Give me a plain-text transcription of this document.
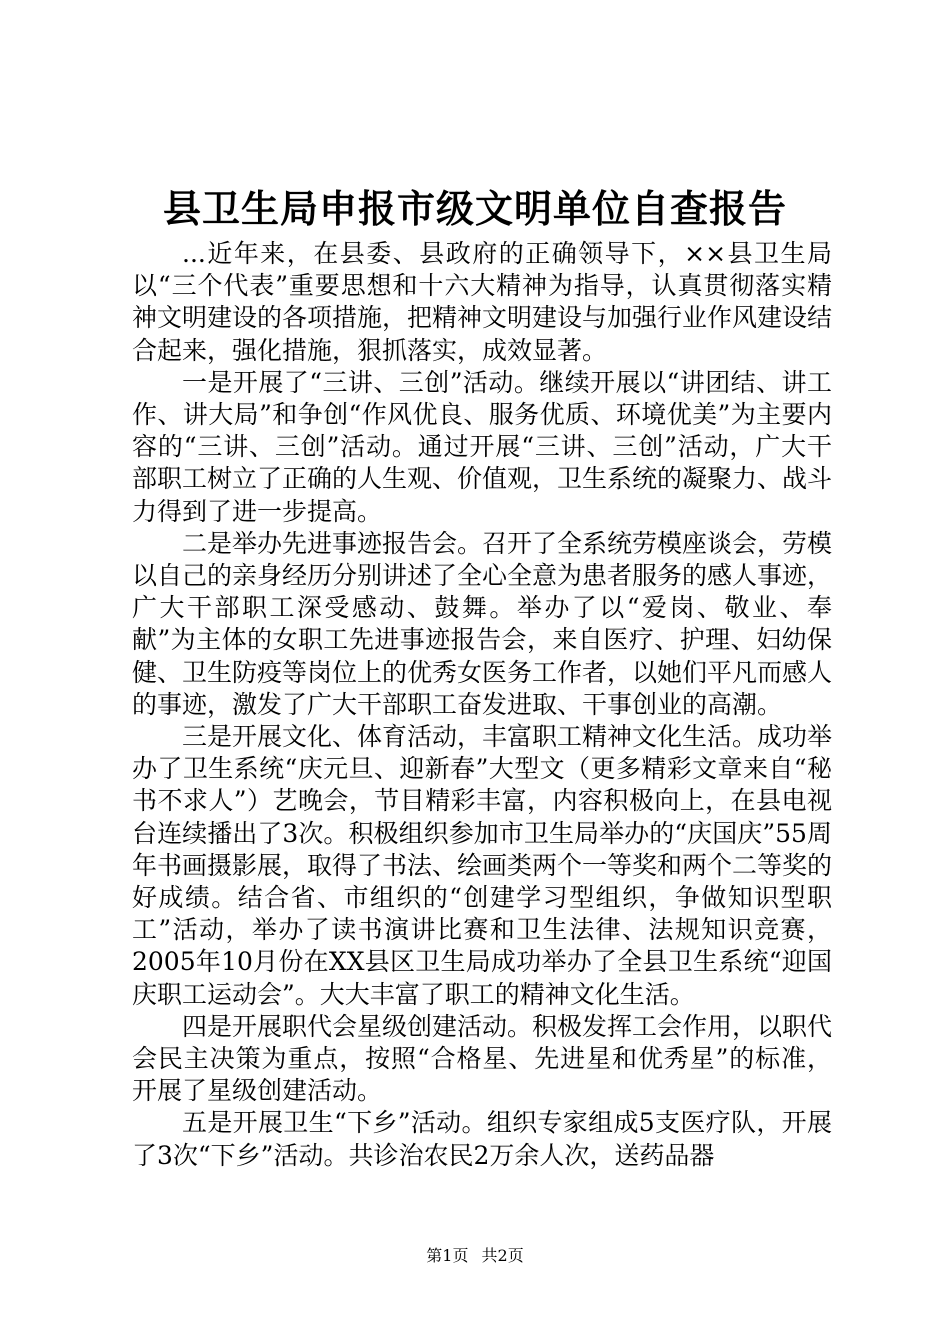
县卫生局申报市级文明单位自查报告

...近年来，在县委、县政府的正确领导下，××县卫生局以“三个代表”重要思想和十六大精神为指导，认真贯彻落实精神文明建设的各项措施，把精神文明建设与加强行业作风建设结合起来，强化措施，狠抓落实，成效显著。

一是开展了“三讲、三创”活动。继续开展以“讲团结、讲工作、讲大局”和争创“作风优良、服务优质、环境优美”为主要内容的“三讲、三创”活动。通过开展“三讲、三创”活动，广大干部职工树立了正确的人生观、价值观，卫生系统的凝聚力、战斗力得到了进一步提高。

二是举办先进事迹报告会。召开了全系统劳模座谈会，劳模以自己的亲身经历分别讲述了全心全意为患者服务的感人事迹，广大干部职工深受感动、鼓舞。举办了以“爱岗、敬业、奉献”为主体的女职工先进事迹报告会，来自医疗、护理、妇幼保健、卫生防疫等岗位上的优秀女医务工作者，以她们平凡而感人的事迹，激发了广大干部职工奋发进取、干事创业的高潮。

三是开展文化、体育活动，丰富职工精神文化生活。成功举办了卫生系统“庆元旦、迎新春”大型文（更多精彩文章来自“秘书不求人”）艺晚会，节目精彩丰富，内容积极向上，在县电视台连续播出了3次。积极组织参加市卫生局举办的“庆国庆”55周年书画摄影展，取得了书法、绘画类两个一等奖和两个二等奖的好成绩。结合省、市组织的“创建学习型组织，争做知识型职工”活动，举办了读书演讲比赛和卫生法律、法规知识竞赛，2005年10月份在XX县区卫生局成功举办了全县卫生系统“迎国庆职工运动会”。大大丰富了职工的精神文化生活。

四是开展职代会星级创建活动。积极发挥工会作用，以职代会民主决策为重点，按照“合格星、先进星和优秀星”的标准，开展了星级创建活动。

五是开展卫生“下乡”活动。组织专家组成5支医疗队，开展了3次“下乡”活动。共诊治农民2万余人次，送药品器

第1页 共2页
